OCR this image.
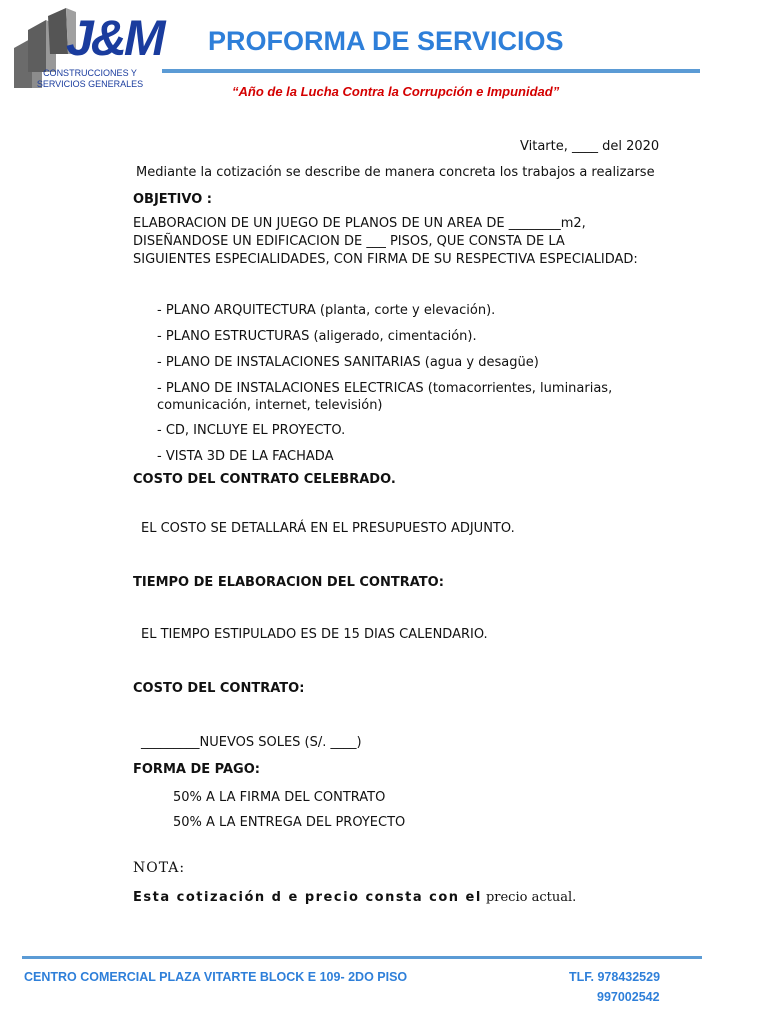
J&M
CONSTRUCCIONES Y
SERVICIOS GENERALES
PROFORMA DE SERVICIOS
“Año de la Lucha Contra la Corrupción e Impunidad”
Vitarte, ____ del 2020
Mediante la cotización se describe de manera concreta los trabajos a realizarse
OBJETIVO :
ELABORACION DE UN JUEGO DE PLANOS DE UN AREA DE ________m2,
DISEÑANDOSE UN EDIFICACION DE ___ PISOS, QUE CONSTA DE LA
SIGUIENTES ESPECIALIDADES, CON FIRMA DE SU RESPECTIVA ESPECIALIDAD:
- PLANO ARQUITECTURA (planta, corte y elevación).
- PLANO ESTRUCTURAS (aligerado, cimentación).
- PLANO DE INSTALACIONES SANITARIAS (agua y desagüe)
- PLANO DE INSTALACIONES ELECTRICAS (tomacorrientes, luminarias,
comunicación, internet, televisión)
- CD, INCLUYE EL PROYECTO.
- VISTA 3D DE LA FACHADA
COSTO DEL CONTRATO CELEBRADO.
EL COSTO SE DETALLARÁ EN EL PRESUPUESTO ADJUNTO.
TIEMPO DE ELABORACION DEL CONTRATO:
EL TIEMPO ESTIPULADO ES DE 15 DIAS CALENDARIO.
COSTO DEL CONTRATO:
_________NUEVOS SOLES (S/. ____)
FORMA DE PAGO:
50% A LA FIRMA DEL CONTRATO
50% A LA ENTREGA DEL PROYECTO
NOTA:
Esta cotización d e precio consta con el precio actual.
CENTRO COMERCIAL PLAZA VITARTE BLOCK E 109- 2DO PISO	TLF. 978432529
997002542
